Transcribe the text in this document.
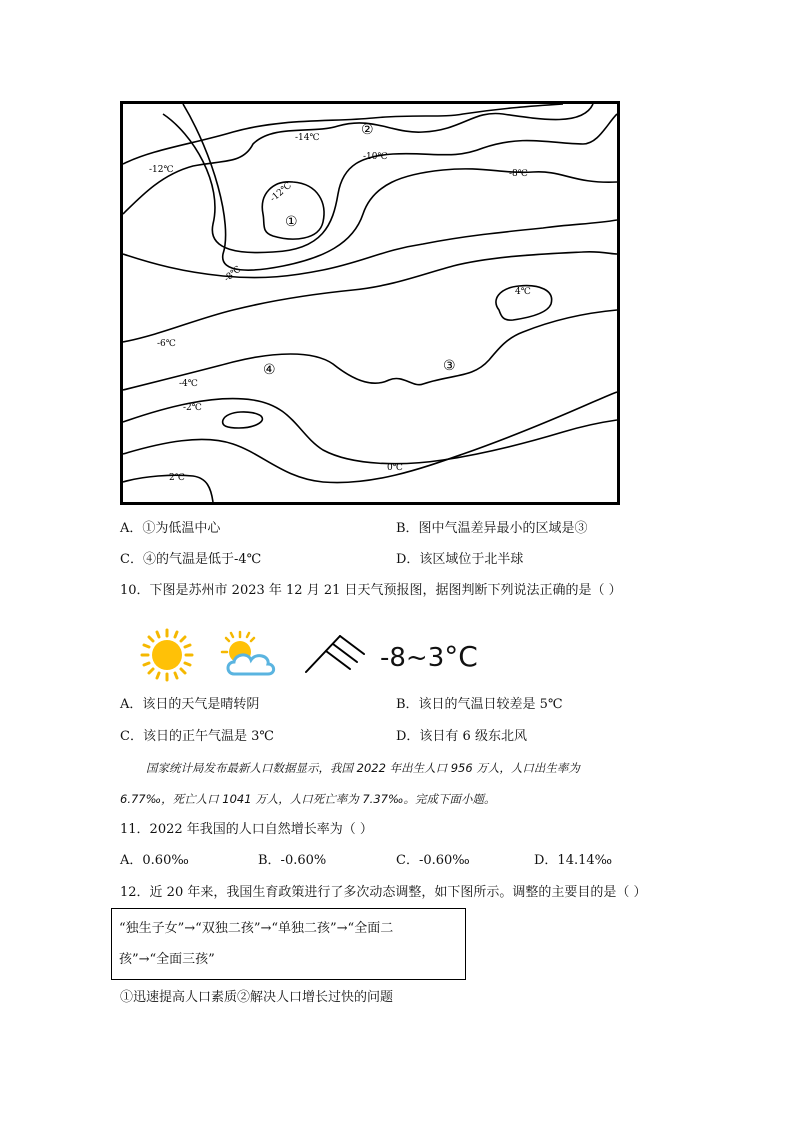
-14℃
-10℃
-12℃
-12℃
-8℃
-8℃
4℃
-6℃
-4℃
-2℃
0℃
2℃
①
②
③
④
A．①为低温中心	B．图中气温差异最小的区域是③
C．④的气温是低于-4℃	D．该区域位于北半球
10．下图是苏州市 2023 年 12 月 21 日天气预报图，据图判断下列说法正确的是（ ）
-8~3°C
A．该日的天气是晴转阴	B．该日的气温日较差是 5℃
C．该日的正午气温是 3℃	D．该日有 6 级东北风
国家统计局发布最新人口数据显示，我国 2022 年出生人口 956 万人，人口出生率为
6.77‰，死亡人口 1041 万人，人口死亡率为 7.37‰。完成下面小题。
11．2022 年我国的人口自然增长率为（ ）
A．0.60‰	B．-0.60%	C．-0.60‰	D．14.14‰
12．近 20 年来，我国生育政策进行了多次动态调整，如下图所示。调整的主要目的是（ ）
“独生子女”→“双独二孩”→“单独二孩”→“全面二
孩”→“全面三孩”
①迅速提高人口素质②解决人口增长过快的问题
